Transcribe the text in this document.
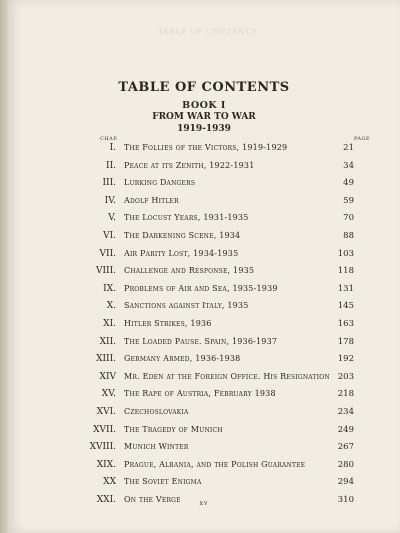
TABLE OF CONTENTS
TABLE OF CONTENTS
BOOK I
FROM WAR TO WAR
1919-1939
CHAP.	PAGE
I. The Follies of the Victors, 1919-1929	21
II. Peace at its Zenith, 1922-1931	34
III. Lurking Dangers	49
IV. Adolf Hitler	59
V. The Locust Years, 1931-1935	70
VI. The Darkening Scene, 1934	88
VII. Air Parity Lost, 1934-1935	103
VIII. Challenge and Response, 1935	118
IX. Problems of Air and Sea, 1935-1939	131
X. Sanctions against Italy, 1935	145
XI. Hitler Strikes, 1936	163
XII. The Loaded Pause. Spain, 1936-1937	178
XIII. Germany Armed, 1936-1938	192
XIV Mr. Eden at the Foreign Office. His Resignation 203
XV. The Rape of Austria, February 1938	218
XVI. Czechoslovakia	234
XVII. The Tragedy of Munich	249
XVIII. Munich Winter	267
XIX. Prague, Albania, and the Polish Guarantee	280
XX The Soviet Enigma	294
XXI. On the Verge	310
xv
